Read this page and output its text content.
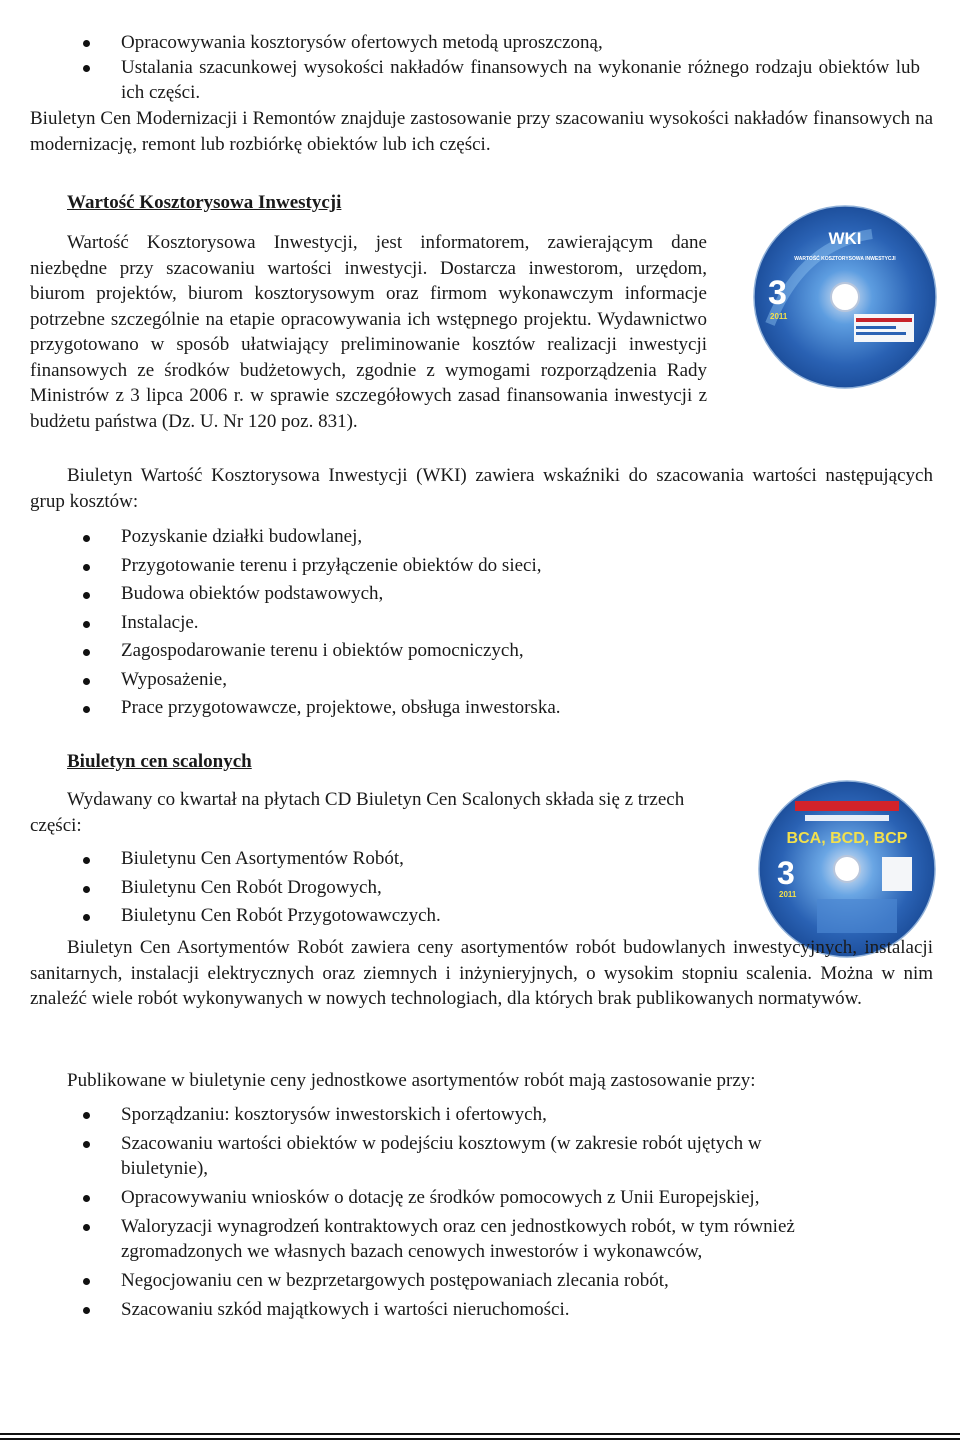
Opracowywania kosztorysów ofertowych metodą uproszczoną,
Ustalania szacunkowej wysokości nakładów finansowych na wykonanie różnego rodzaju obiektów lub ich części.

Biuletyn Cen Modernizacji i Remontów znajduje zastosowanie przy szacowaniu wysokości nakładów finansowych na modernizację, remont lub rozbiórkę obiektów lub ich części.

Wartość Kosztorysowa Inwestycji

Wartość Kosztorysowa Inwestycji, jest informatorem, zawierającym dane niezbędne przy szacowaniu wartości inwestycji. Dostarcza inwestorom, urzędom, biurom projektów, biurom kosztorysowym oraz firmom wykonawczym informacje potrzebne szczególnie na etapie opracowywania ich wstępnego projektu. Wydawnictwo przygotowano w sposób ułatwiający preliminowanie kosztów realizacji inwestycji finansowych ze środków budżetowych, zgodnie z wymogami rozporządzenia Rady Ministrów z 3 lipca 2006 r. w sprawie szczegółowych zasad finansowania inwestycji z budżetu państwa (Dz. U. Nr 120 poz. 831).

WKI
WARTOŚĆ KOSZTORYSOWA INWESTYCJI
3
2011

Biuletyn Wartość Kosztorysowa Inwestycji (WKI) zawiera wskaźniki do szacowania wartości następujących grup kosztów:

Pozyskanie działki budowlanej,
Przygotowanie terenu i przyłączenie obiektów do sieci,
Budowa obiektów podstawowych,
Instalacje.
Zagospodarowanie terenu i obiektów pomocniczych,
Wyposażenie,
Prace przygotowawcze, projektowe, obsługa inwestorska.
Biuletyn cen scalonych

Wydawany co kwartał na płytach CD Biuletyn Cen Scalonych składa się z trzech części:

Biuletynu Cen Asortymentów Robót,
Biuletynu Cen Robót Drogowych,
Biuletynu Cen Robót Przygotowawczych.
BCA, BCD, BCP
3
2011

Biuletyn Cen Asortymentów Robót zawiera ceny asortymentów robót budowlanych inwestycyjnych, instalacji sanitarnych, instalacji elektrycznych oraz ziemnych i inżynieryjnych, o wysokim stopniu scalenia. Można w nim znaleźć wiele robót wykonywanych w nowych technologiach, dla których brak publikowanych normatywów.

Publikowane w biuletynie ceny jednostkowe asortymentów robót mają zastosowanie przy:

Sporządzaniu: kosztorysów inwestorskich i ofertowych,
Szacowaniu wartości obiektów w podejściu kosztowym (w zakresie robót ujętych w biuletynie),
Opracowywaniu wniosków o dotację ze środków pomocowych z Unii Europejskiej,
Waloryzacji wynagrodzeń kontraktowych oraz cen jednostkowych robót, w tym również zgromadzonych we własnych bazach cenowych inwestorów i wykonawców,
Negocjowaniu cen w bezprzetargowych postępowaniach zlecania robót,
Szacowaniu szkód majątkowych i wartości nieruchomości.
